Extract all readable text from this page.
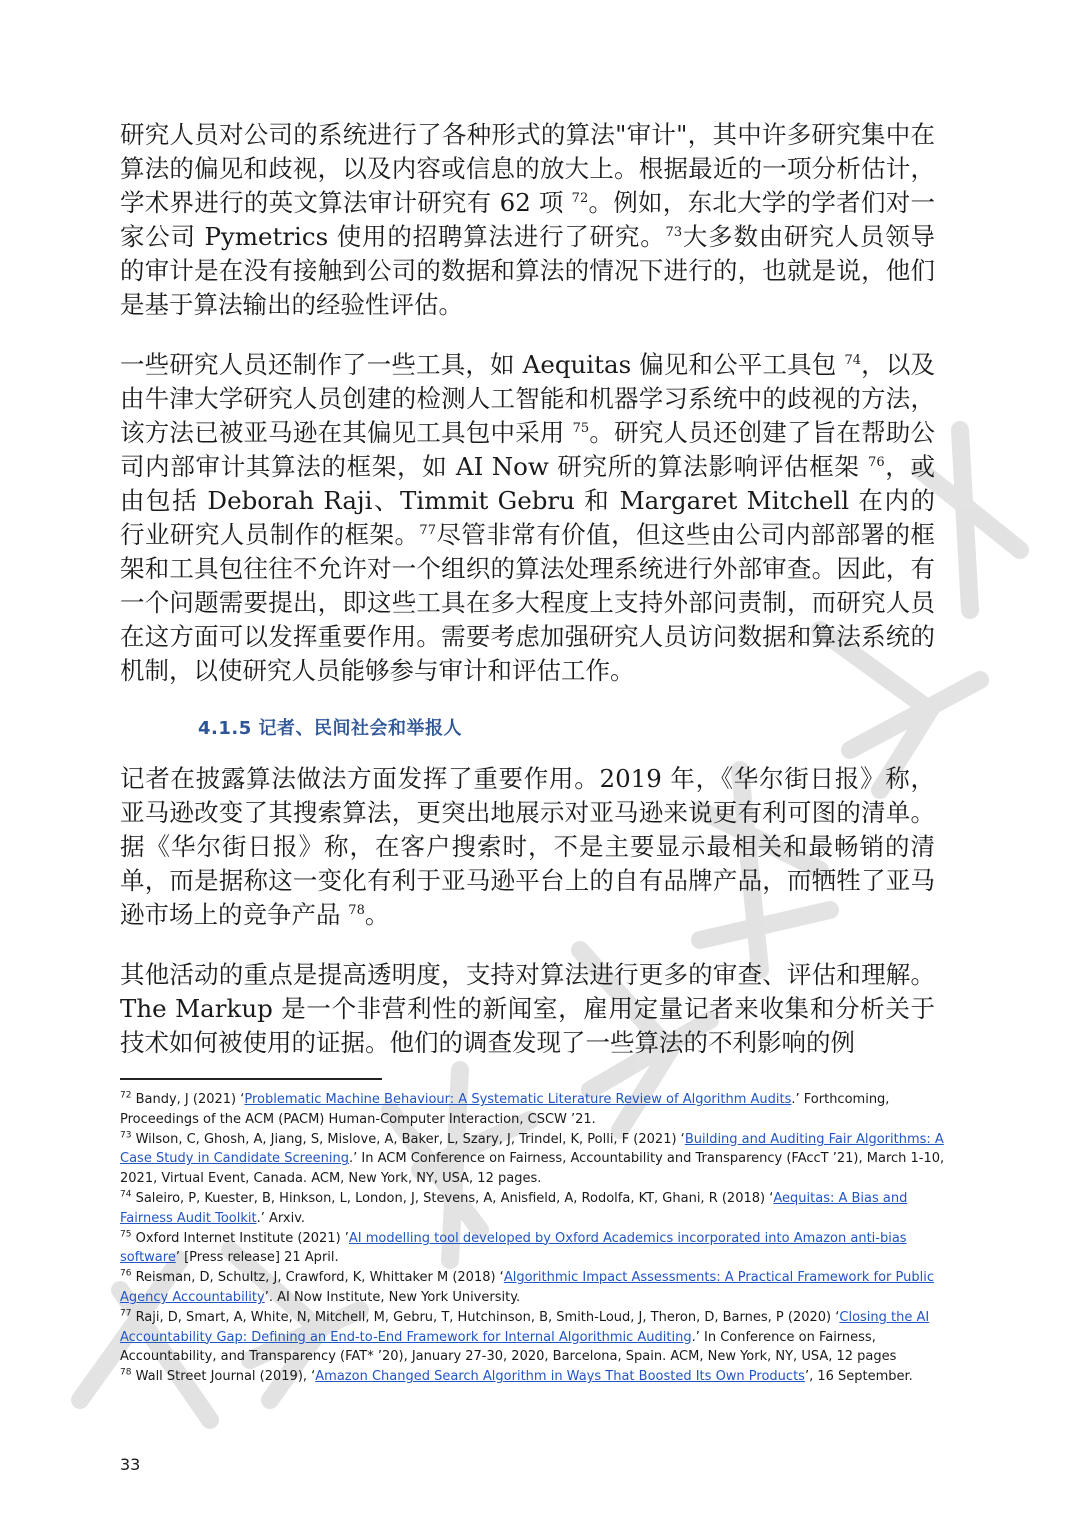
研究人员对公司的系统进行了各种形式的算法"审计"，其中许多研究集中在算法的偏见和歧视，以及内容或信息的放大上。根据最近的一项分析估计，学术界进行的英文算法审计研究有 62 项 $^{72}$。例如，东北大学的学者们对一家公司 Pymetrics 使用的招聘算法进行了研究。$^{73}$大多数由研究人员领导的审计是在没有接触到公司的数据和算法的情况下进行的，也就是说，他们是基于算法输出的经验性评估。

一些研究人员还制作了一些工具，如 Aequitas 偏见和公平工具包 $^{74}$，以及由牛津大学研究人员创建的检测人工智能和机器学习系统中的歧视的方法，该方法已被亚马逊在其偏见工具包中采用 $^{75}$。研究人员还创建了旨在帮助公司内部审计其算法的框架，如 AI Now 研究所的算法影响评估框架 $^{76}$，或由包括 Deborah Raji、Timmit Gebru 和 Margaret Mitchell 在内的行业研究人员制作的框架。$^{77}$尽管非常有价值，但这些由公司内部部署的框架和工具包往往不允许对一个组织的算法处理系统进行外部审查。因此，有一个问题需要提出，即这些工具在多大程度上支持外部问责制，而研究人员在这方面可以发挥重要作用。需要考虑加强研究人员访问数据和算法系统的机制，以使研究人员能够参与审计和评估工作。

4.1.5 记者、民间社会和举报人

记者在披露算法做法方面发挥了重要作用。2019 年，《华尔街日报》称，亚马逊改变了其搜索算法，更突出地展示对亚马逊来说更有利可图的清单。据《华尔街日报》称，在客户搜索时，不是主要显示最相关和最畅销的清单，而是据称这一变化有利于亚马逊平台上的自有品牌产品，而牺牲了亚马逊市场上的竞争产品 $^{78}$。

其他活动的重点是提高透明度，支持对算法进行更多的审查、评估和理解。The Markup 是一个非营利性的新闻室，雇用定量记者来收集和分析关于技术如何被使用的证据。他们的调查发现了一些算法的不利影响的例

$^{72}$ Bandy, J (2021) ‘Problematic Machine Behaviour: A Systematic Literature Review of Algorithm Audits.’ Forthcoming, Proceedings of the ACM (PACM) Human-Computer Interaction, CSCW ’21.

$^{73}$ Wilson, C, Ghosh, A, Jiang, S, Mislove, A, Baker, L, Szary, J, Trindel, K, Polli, F (2021) ‘Building and Auditing Fair Algorithms: A Case Study in Candidate Screening.’ In ACM Conference on Fairness, Accountability and Transparency (FAccT ’21), March 1-10, 2021, Virtual Event, Canada. ACM, New York, NY, USA, 12 pages.

$^{74}$ Saleiro, P, Kuester, B, Hinkson, L, London, J, Stevens, A, Anisfield, A, Rodolfa, KT, Ghani, R (2018) ‘Aequitas: A Bias and Fairness Audit Toolkit.’ Arxiv.

$^{75}$ Oxford Internet Institute (2021) ’AI modelling tool developed by Oxford Academics incorporated into Amazon anti-bias software’ [Press release] 21 April.

$^{76}$ Reisman, D, Schultz, J, Crawford, K, Whittaker M (2018) ‘Algorithmic Impact Assessments: A Practical Framework for Public Agency Accountability’. AI Now Institute, New York University.

$^{77}$ Raji, D, Smart, A, White, N, Mitchell, M, Gebru, T, Hutchinson, B, Smith-Loud, J, Theron, D, Barnes, P (2020) ‘Closing the AI Accountability Gap: Defining an End-to-End Framework for Internal Algorithmic Auditing.’ In Conference on Fairness, Accountability, and Transparency (FAT* ’20), January 27-30, 2020, Barcelona, Spain. ACM, New York, NY, USA, 12 pages

$^{78}$ Wall Street Journal (2019), ‘Amazon Changed Search Algorithm in Ways That Boosted Its Own Products’, 16 September.

33
